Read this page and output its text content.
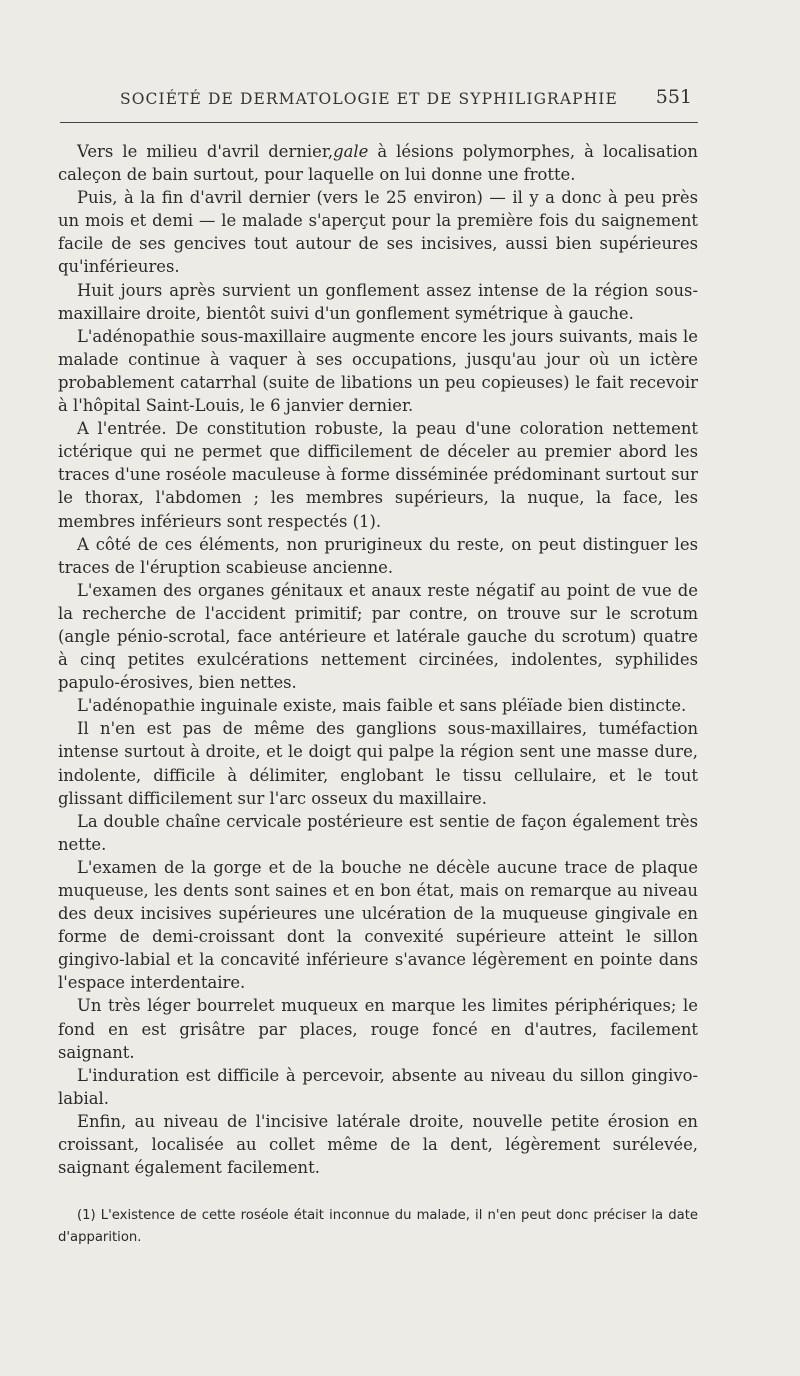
SOCIÉTÉ DE DERMATOLOGIE ET DE SYPHILIGRAPHIE 551

Vers le milieu d'avril dernier,gale à lésions polymorphes, à localisation caleçon de bain surtout, pour laquelle on lui donne une frotte.

Puis, à la fin d'avril dernier (vers le 25 environ) — il y a donc à peu près un mois et demi — le malade s'aperçut pour la première fois du saignement facile de ses gencives tout autour de ses incisives, aussi bien supérieures qu'inférieures.

Huit jours après survient un gonflement assez intense de la région sous-maxillaire droite, bientôt suivi d'un gonflement symétrique à gauche.

L'adénopathie sous-maxillaire augmente encore les jours suivants, mais le malade continue à vaquer à ses occupations, jusqu'au jour où un ictère probablement catarrhal (suite de libations un peu copieuses) le fait recevoir à l'hôpital Saint-Louis, le 6 janvier dernier.

A l'entrée. De constitution robuste, la peau d'une coloration nettement ictérique qui ne permet que difficilement de déceler au premier abord les traces d'une roséole maculeuse à forme disséminée prédominant surtout sur le thorax, l'abdomen ; les membres supérieurs, la nuque, la face, les membres inférieurs sont respectés (1).

A côté de ces éléments, non prurigineux du reste, on peut distinguer les traces de l'éruption scabieuse ancienne.

L'examen des organes génitaux et anaux reste négatif au point de vue de la recherche de l'accident primitif; par contre, on trouve sur le scrotum (angle pénio-scrotal, face antérieure et latérale gauche du scrotum) quatre à cinq petites exulcérations nettement circinées, indolentes, syphilides papulo-érosives, bien nettes.

L'adénopathie inguinale existe, mais faible et sans pléïade bien distincte.

Il n'en est pas de même des ganglions sous-maxillaires, tuméfaction intense surtout à droite, et le doigt qui palpe la région sent une masse dure, indolente, difficile à délimiter, englobant le tissu cellulaire, et le tout glissant difficilement sur l'arc osseux du maxillaire.

La double chaîne cervicale postérieure est sentie de façon également très nette.

L'examen de la gorge et de la bouche ne décèle aucune trace de plaque muqueuse, les dents sont saines et en bon état, mais on remarque au niveau des deux incisives supérieures une ulcération de la muqueuse gingivale en forme de demi-croissant dont la convexité supérieure atteint le sillon gingivo-labial et la concavité inférieure s'avance légèrement en pointe dans l'espace interdentaire.

Un très léger bourrelet muqueux en marque les limites périphériques; le fond en est grisâtre par places, rouge foncé en d'autres, facilement saignant.

L'induration est difficile à percevoir, absente au niveau du sillon gingivo-labial.

Enfin, au niveau de l'incisive latérale droite, nouvelle petite érosion en croissant, localisée au collet même de la dent, légèrement surélevée, saignant également facilement.

(1) L'existence de cette roséole était inconnue du malade, il n'en peut donc préciser la date d'apparition.
